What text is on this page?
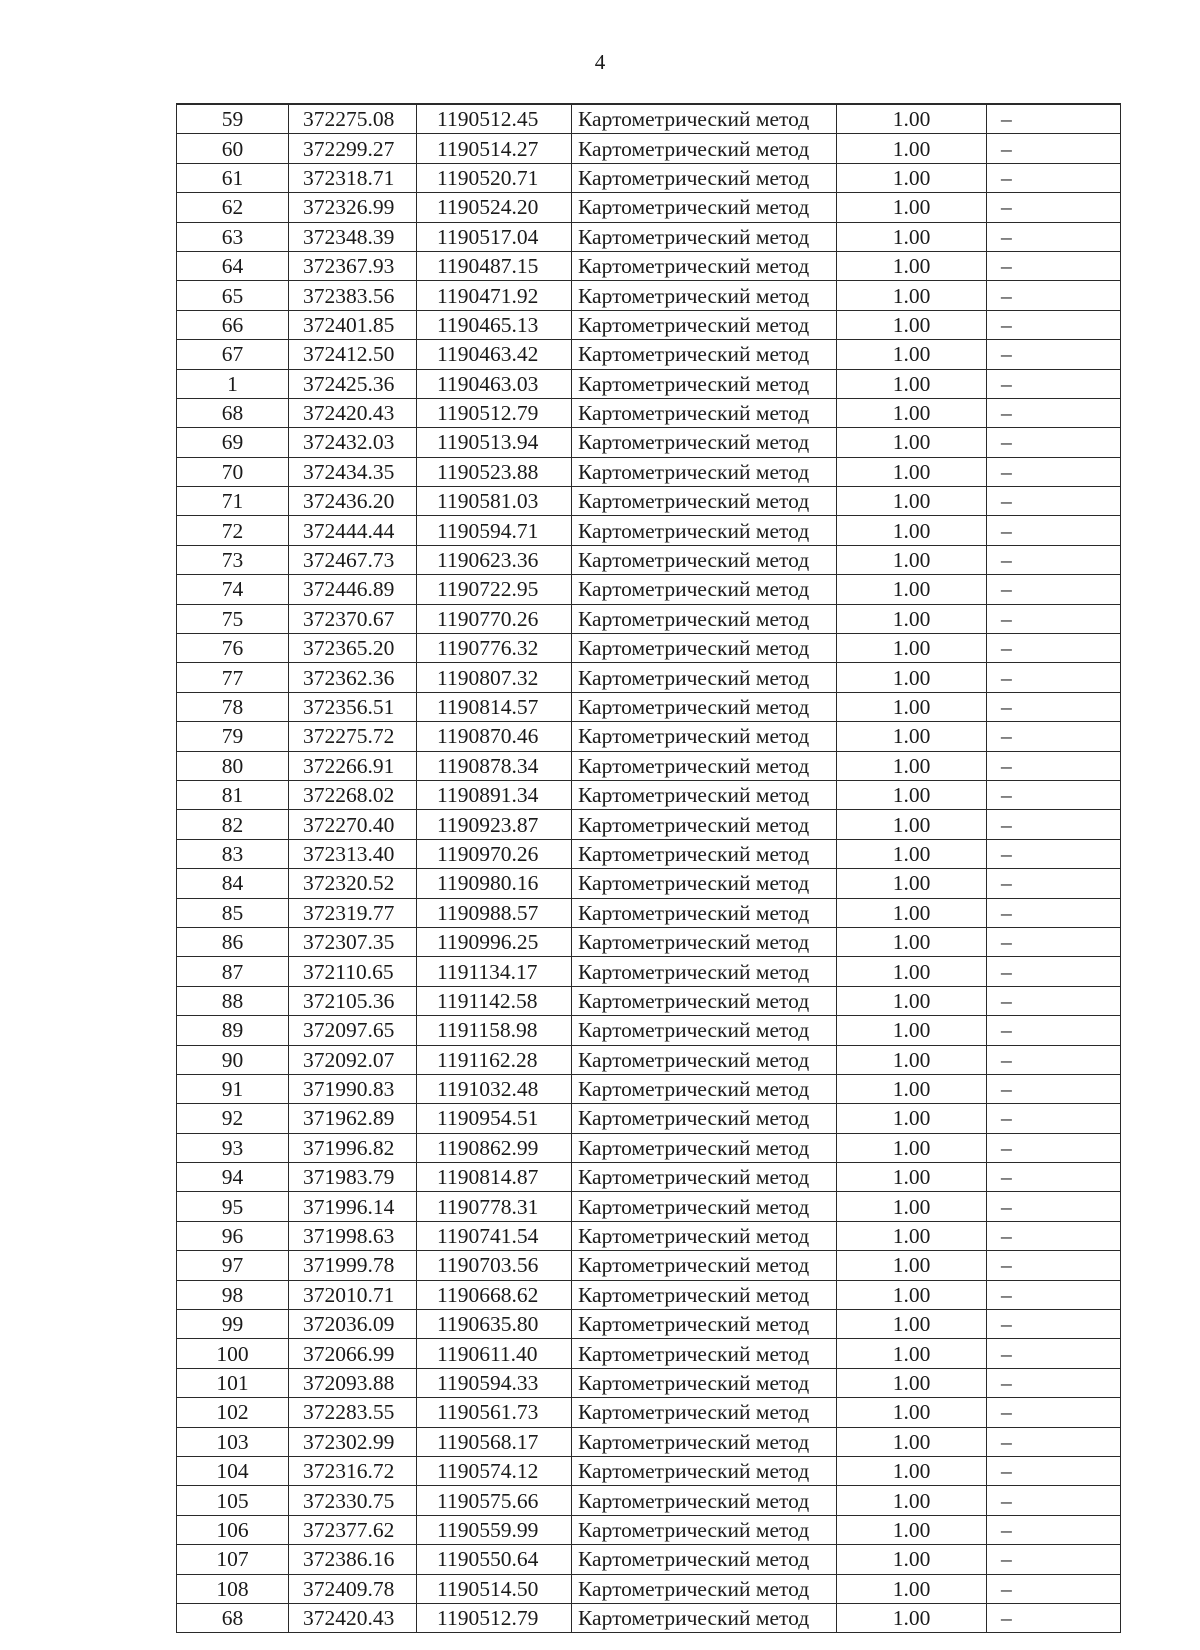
4
59	372275.08	1190512.45	Картометрический метод	1.00	–
60	372299.27	1190514.27	Картометрический метод	1.00	–
61	372318.71	1190520.71	Картометрический метод	1.00	–
62	372326.99	1190524.20	Картометрический метод	1.00	–
63	372348.39	1190517.04	Картометрический метод	1.00	–
64	372367.93	1190487.15	Картометрический метод	1.00	–
65	372383.56	1190471.92	Картометрический метод	1.00	–
66	372401.85	1190465.13	Картометрический метод	1.00	–
67	372412.50	1190463.42	Картометрический метод	1.00	–
1	372425.36	1190463.03	Картометрический метод	1.00	–
68	372420.43	1190512.79	Картометрический метод	1.00	–
69	372432.03	1190513.94	Картометрический метод	1.00	–
70	372434.35	1190523.88	Картометрический метод	1.00	–
71	372436.20	1190581.03	Картометрический метод	1.00	–
72	372444.44	1190594.71	Картометрический метод	1.00	–
73	372467.73	1190623.36	Картометрический метод	1.00	–
74	372446.89	1190722.95	Картометрический метод	1.00	–
75	372370.67	1190770.26	Картометрический метод	1.00	–
76	372365.20	1190776.32	Картометрический метод	1.00	–
77	372362.36	1190807.32	Картометрический метод	1.00	–
78	372356.51	1190814.57	Картометрический метод	1.00	–
79	372275.72	1190870.46	Картометрический метод	1.00	–
80	372266.91	1190878.34	Картометрический метод	1.00	–
81	372268.02	1190891.34	Картометрический метод	1.00	–
82	372270.40	1190923.87	Картометрический метод	1.00	–
83	372313.40	1190970.26	Картометрический метод	1.00	–
84	372320.52	1190980.16	Картометрический метод	1.00	–
85	372319.77	1190988.57	Картометрический метод	1.00	–
86	372307.35	1190996.25	Картометрический метод	1.00	–
87	372110.65	1191134.17	Картометрический метод	1.00	–
88	372105.36	1191142.58	Картометрический метод	1.00	–
89	372097.65	1191158.98	Картометрический метод	1.00	–
90	372092.07	1191162.28	Картометрический метод	1.00	–
91	371990.83	1191032.48	Картометрический метод	1.00	–
92	371962.89	1190954.51	Картометрический метод	1.00	–
93	371996.82	1190862.99	Картометрический метод	1.00	–
94	371983.79	1190814.87	Картометрический метод	1.00	–
95	371996.14	1190778.31	Картометрический метод	1.00	–
96	371998.63	1190741.54	Картометрический метод	1.00	–
97	371999.78	1190703.56	Картометрический метод	1.00	–
98	372010.71	1190668.62	Картометрический метод	1.00	–
99	372036.09	1190635.80	Картометрический метод	1.00	–
100	372066.99	1190611.40	Картометрический метод	1.00	–
101	372093.88	1190594.33	Картометрический метод	1.00	–
102	372283.55	1190561.73	Картометрический метод	1.00	–
103	372302.99	1190568.17	Картометрический метод	1.00	–
104	372316.72	1190574.12	Картометрический метод	1.00	–
105	372330.75	1190575.66	Картометрический метод	1.00	–
106	372377.62	1190559.99	Картометрический метод	1.00	–
107	372386.16	1190550.64	Картометрический метод	1.00	–
108	372409.78	1190514.50	Картометрический метод	1.00	–
68	372420.43	1190512.79	Картометрический метод	1.00	–
